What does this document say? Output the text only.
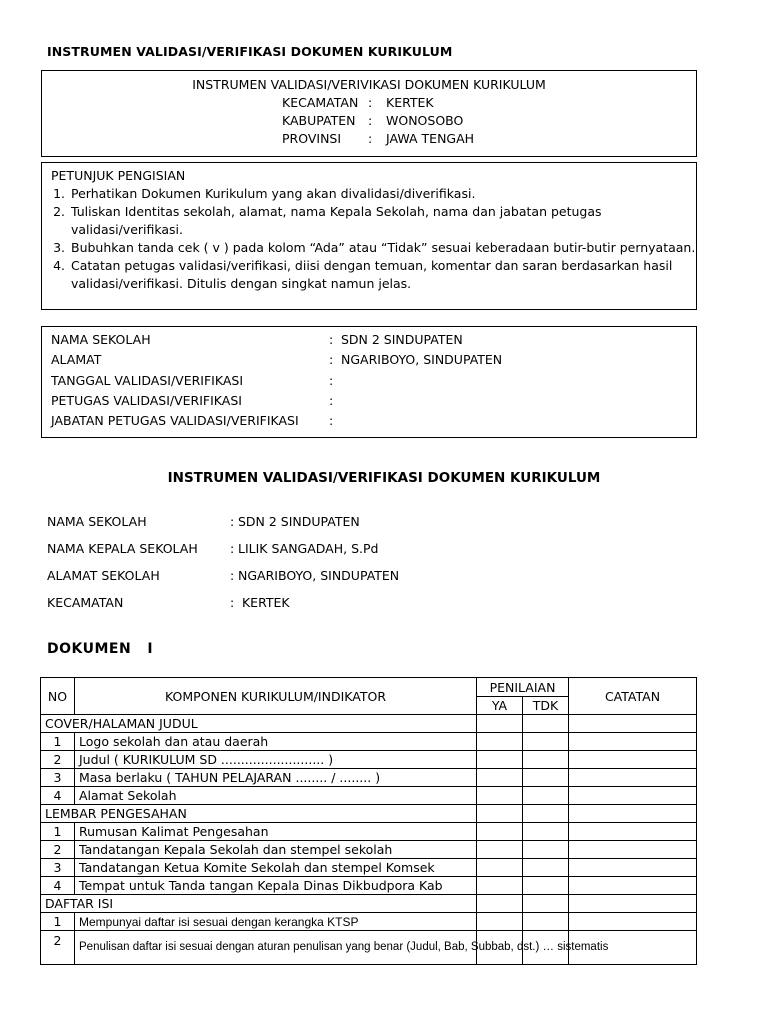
INSTRUMEN VALIDASI/VERIFIKASI DOKUMEN KURIKULUM
INSTRUMEN VALIDASI/VERIVIKASI DOKUMEN KURIKULUM
KECAMATAN :	KERTEK
KABUPATEN	:	WONOSOBO
PROVINSI	:	JAWA TENGAH
PETUNJUK PENGISIAN
1. Perhatikan Dokumen Kurikulum yang akan divalidasi/diverifikasi.
2. Tuliskan Identitas sekolah, alamat, nama Kepala Sekolah, nama dan jabatan petugas validasi/verifikasi.
3. Bubuhkan tanda cek ( v ) pada kolom “Ada” atau “Tidak” sesuai keberadaan butir-butir pernyataan.
4. Catatan petugas validasi/verifikasi, diisi dengan temuan, komentar dan saran berdasarkan hasil validasi/verifikasi. Ditulis dengan singkat namun jelas.
NAMA SEKOLAH	: SDN 2 SINDUPATEN
ALAMAT	: NGARIBOYO, SINDUPATEN
TANGGAL VALIDASI/VERIFIKASI	:
PETUGAS VALIDASI/VERIFIKASI	:
JABATAN PETUGAS VALIDASI/VERIFIKASI	:
INSTRUMEN VALIDASI/VERIFIKASI DOKUMEN KURIKULUM
NAMA SEKOLAH	: SDN 2 SINDUPATEN
NAMA KEPALA SEKOLAH	: LILIK SANGADAH, S.Pd
ALAMAT SEKOLAH	: NGARIBOYO, SINDUPATEN
KECAMATAN	: KERTEK
DOKUMEN   I
NO	KOMPONEN KURIKULUM/INDIKATOR	PENILAIAN		CATATAN
		YA	TDK	
COVER/HALAMAN JUDUL				
1	Logo sekolah dan atau daerah			
2	Judul ( KURIKULUM SD .......................... )			
3	Masa berlaku ( TAHUN PELAJARAN ........ / ........ )			
4	Alamat Sekolah			
LEMBAR PENGESAHAN				
1	Rumusan Kalimat Pengesahan			
2	Tandatangan Kepala Sekolah dan stempel sekolah			
3	Tandatangan Ketua Komite Sekolah dan stempel Komsek			
4	Tempat untuk Tanda tangan Kepala Dinas Dikbudpora Kab			
DAFTAR ISI				
1	Mempunyai daftar isi sesuai dengan kerangka KTSP			
2	Penulisan daftar isi sesuai dengan aturan penulisan yang benar (Judul, Bab, Subbab, dst.) … sistematis			
